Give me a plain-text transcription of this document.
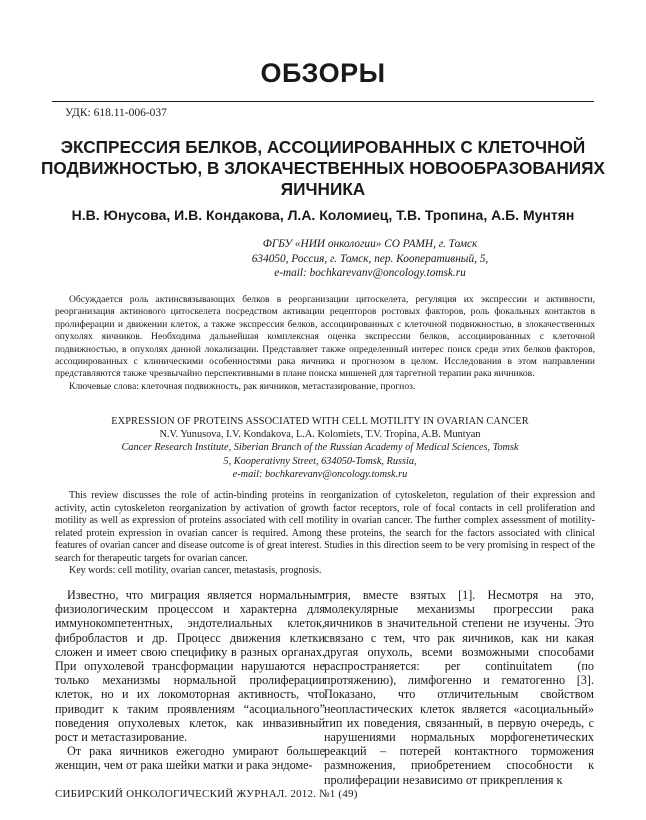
ОБЗОРЫ
УДК: 618.11-006-037
ЭКСПРЕССИЯ БЕЛКОВ, АССОЦИИРОВАННЫХ С КЛЕТОЧНОЙ ПОДВИЖНОСТЬЮ, В ЗЛОКАЧЕСТВЕННЫХ НОВООБРАЗОВАНИЯХ ЯИЧНИКА
Н.В. Юнусова, И.В. Кондакова, Л.А. Коломиец, Т.В. Тропина, А.Б. Мунтян
ФГБУ «НИИ онкологии» СО РАМН, г. Томск
634050, Россия, г. Томск, пер. Кооперативный, 5,
e-mail: bochkarevanv@oncology.tomsk.ru

Обсуждается роль актинсвязывающих белков в реорганизации цитоскелета, регуляция их экспрессии и активности, реорганизация актинового цитоскелета посредством активации рецепторов ростовых факторов, роль фокальных контактов в пролиферации и движении клеток, а также экспрессия белков, ассоциированных с клеточной подвижностью, в злокачественных опухолях яичников. Необходима дальнейшая комплексная оценка экспрессии белков, ассоциированных с клеточной подвижностью, в опухолях данной локализации. Представляет также определенный интерес поиск среди этих белков факторов, ассоциированных с клиническими особенностями рака яичника и прогнозом в целом. Исследования в этом направлении представляются также чрезвычайно перспективными в плане поиска мишеней для таргетной терапии рака яичников.

Ключевые слова: клеточная подвижность, рак яичников, метастазирование, прогноз.

EXPRESSION OF PROTEINS ASSOCIATED WITH CELL MOTILITY IN OVARIAN CANCER
N.V. Yunusova, I.V. Kondakova, L.A. Kolomiets, T.V. Tropina, A.B. Muntyan
Cancer Research Institute, Siberian Branch of the Russian Academy of Medical Sciences, Tomsk
5, Kooperativny Street, 634050-Tomsk, Russia,
e-mail: bochkarevanv@oncology.tomsk.ru

This review discusses the role of actin-binding proteins in reorganization of cytoskeleton, regulation of their expression and activity, actin cytoskeleton reorganization by activation of growth factor receptors, role of focal contacts in cell proliferation and motility as well as expression of proteins associated with cell motility in ovarian cancer. The further complex assessment of motility-related protein expression in ovarian cancer is required. Among these proteins, the search for the factors associated with clinical features of ovarian cancer and disease outcome is of great interest. Studies in this direction seem to be very promising in respect of the search for therapeutic targets for ovarian cancer.

Key words: cell motility, ovarian cancer, metastasis, prognosis.

Известно, что миграция является нормальным физиологическим процессом и характерна для иммунокомпетентных, эндотелиальных клеток, фибробластов и др. Процесс движения клетки сложен и имеет свою специфику в разных органах. При опухолевой трансформации нарушаются не только механизмы нормальной пролиферации клеток, но и их локомоторная активность, что приводит к таким проявлениям “асоциального” поведения опухолевых клеток, как инвазивный рост и метастазирование.

От рака яичников ежегодно умирают больше женщин, чем от рака шейки матки и рака эндоме-

трия, вместе взятых [1]. Несмотря на это, молекулярные механизмы прогрессии рака яичников в значительной степени не изучены. Это связано с тем, что рак яичников, как ни какая другая опухоль, всеми возможными способами распространяется: per continuitatem (по протяжению), лимфогенно и гематогенно [3]. Показано, что отличительным свойством неопластических клеток является «асоциальный» тип их поведения, связанный, в первую очередь, с нарушениями нормальных морфогенетических реакций – потерей контактного торможения размножения, приобретением способности к пролиферации независимо от прикрепления к

СИБИРСКИЙ ОНКОЛОГИЧЕСКИЙ ЖУРНАЛ. 2012. №1 (49)
